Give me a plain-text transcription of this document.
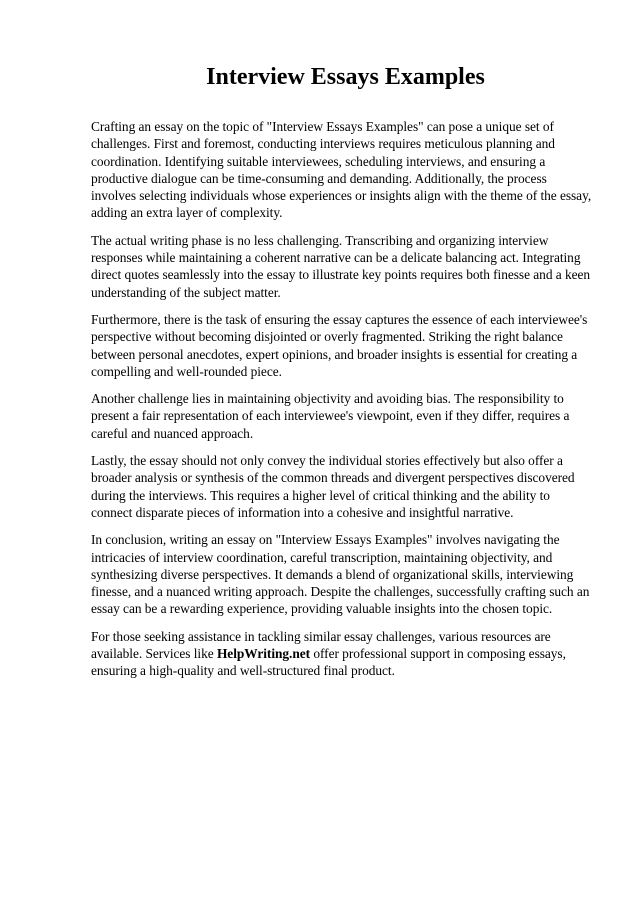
Interview Essays Examples

Crafting an essay on the topic of "Interview Essays Examples" can pose a unique set of challenges. First and foremost, conducting interviews requires meticulous planning and coordination. Identifying suitable interviewees, scheduling interviews, and ensuring a productive dialogue can be time-consuming and demanding. Additionally, the process involves selecting individuals whose experiences or insights align with the theme of the essay, adding an extra layer of complexity.

The actual writing phase is no less challenging. Transcribing and organizing interview responses while maintaining a coherent narrative can be a delicate balancing act. Integrating direct quotes seamlessly into the essay to illustrate key points requires both finesse and a keen understanding of the subject matter.

Furthermore, there is the task of ensuring the essay captures the essence of each interviewee's perspective without becoming disjointed or overly fragmented. Striking the right balance between personal anecdotes, expert opinions, and broader insights is essential for creating a compelling and well-rounded piece.

Another challenge lies in maintaining objectivity and avoiding bias. The responsibility to present a fair representation of each interviewee's viewpoint, even if they differ, requires a careful and nuanced approach.

Lastly, the essay should not only convey the individual stories effectively but also offer a broader analysis or synthesis of the common threads and divergent perspectives discovered during the interviews. This requires a higher level of critical thinking and the ability to connect disparate pieces of information into a cohesive and insightful narrative.

In conclusion, writing an essay on "Interview Essays Examples" involves navigating the intricacies of interview coordination, careful transcription, maintaining objectivity, and synthesizing diverse perspectives. It demands a blend of organizational skills, interviewing finesse, and a nuanced writing approach. Despite the challenges, successfully crafting such an essay can be a rewarding experience, providing valuable insights into the chosen topic.

For those seeking assistance in tackling similar essay challenges, various resources are available. Services like HelpWriting.net offer professional support in composing essays, ensuring a high-quality and well-structured final product.
